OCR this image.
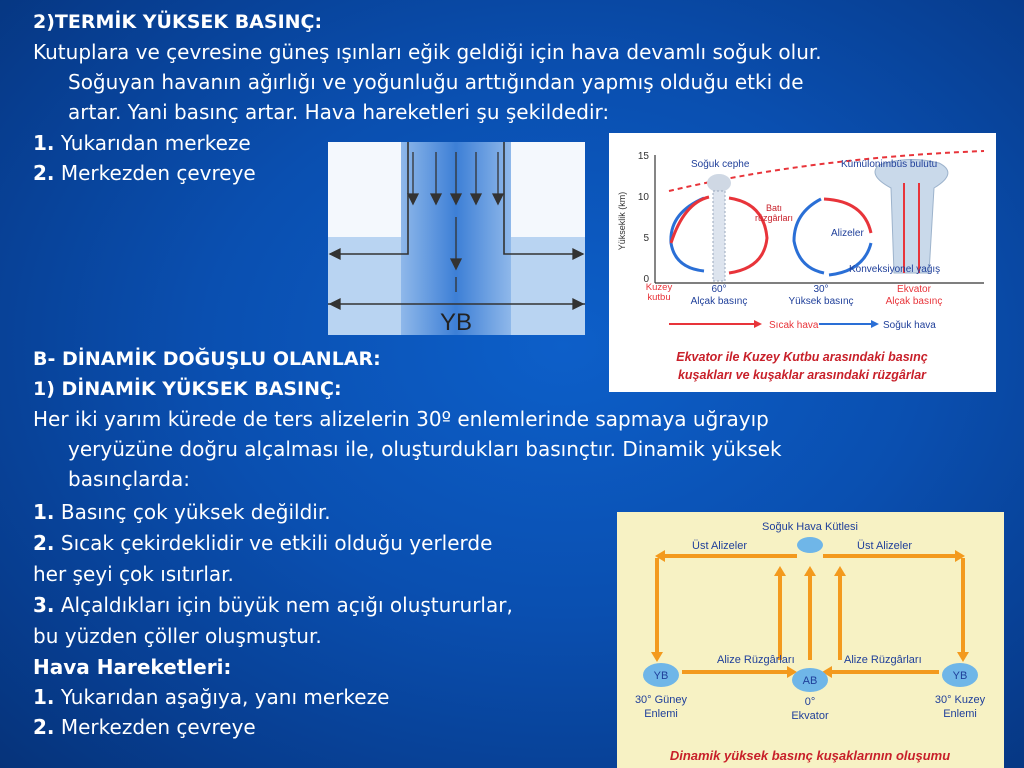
2)TERMİK YÜKSEK BASINÇ:
Kutuplara ve çevresine güneş ışınları eğik geldiği için hava devamlı soğuk olur.
Soğuyan havanın ağırlığı ve yoğunluğu arttığından yapmış olduğu etki de
artar. Yani basınç artar. Hava hareketleri şu şekildedir:
1. Yukarıdan merkeze
2. Merkezden çevreye
B- DİNAMİK DOĞUŞLU OLANLAR:
1) DİNAMİK YÜKSEK BASINÇ:
Her iki yarım kürede de ters alizelerin 30º enlemlerinde sapmaya uğrayıp
yeryüzüne doğru alçalması ile, oluşturdukları basınçtır. Dinamik yüksek
basınçlarda:
1. Basınç çok yüksek değildir.
2. Sıcak çekirdeklidir ve etkili olduğu yerlerde
her şeyi çok ısıtırlar.
3. Alçaldıkları için büyük nem açığı oluştururlar,
bu yüzden çöller oluşmuştur.
Hava Hareketleri:
1. Yukarıdan aşağıya, yanı merkeze
2. Merkezden çevreye
YB
Yükseklik (km)
15
10
5
0
Soğuk cephe	Kümülonimbüs bulutu
Batı rüzgârları
Alizeler
Konveksiyonel yağış
Kuzey kutbu
60°	30°	Ekvator
Alçak basınç	Yüksek basınç	Alçak basınç
Sıcak hava	Soğuk hava
Ekvator ile Kuzey Kutbu arasındaki basınç
kuşakları ve kuşaklar arasındaki rüzgârlar
Soğuk Hava Kütlesi
Üst Alizeler	Üst Alizeler
Alize Rüzgârları	Alize Rüzgârları
YB	AB	YB
30° Güney
Enlemi
0°
Ekvator
30° Kuzey
Enlemi
Dinamik yüksek basınç kuşaklarının oluşumu
